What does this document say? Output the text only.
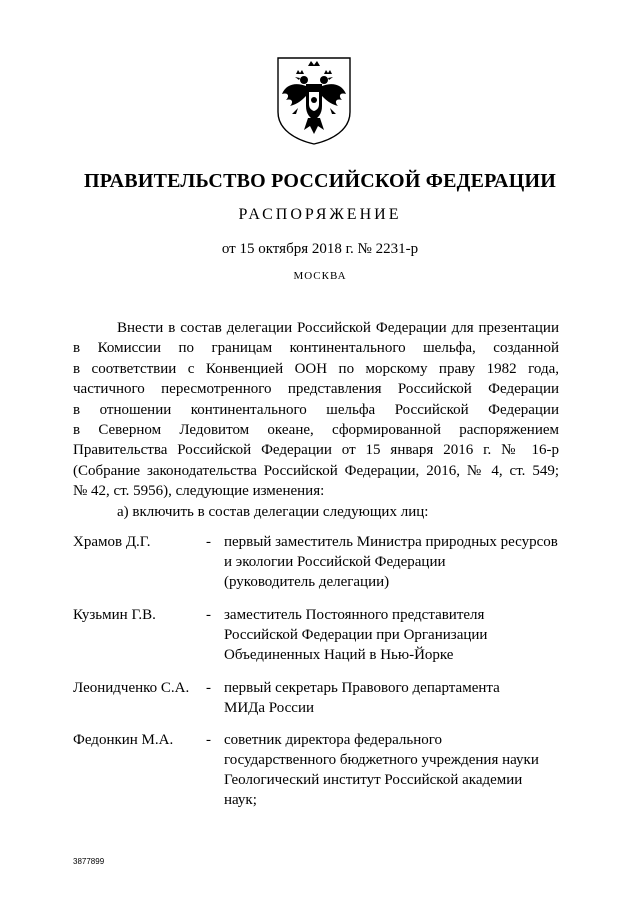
ПРАВИТЕЛЬСТВО РОССИЙСКОЙ ФЕДЕРАЦИИ
РАСПОРЯЖЕНИЕ
от 15 октября 2018 г. № 2231-р
МОСКВА
Внести в состав делегации Российской Федерации для презентации
в Комиссии по границам континентального шельфа, созданной
в соответствии с Конвенцией ООН по морскому праву 1982 года,
частичного пересмотренного представления Российской Федерации
в отношении континентального шельфа Российской Федерации
в Северном Ледовитом океане, сформированной распоряжением
Правительства Российской Федерации от 15 января 2016 г. № 16-р
(Собрание законодательства Российской Федерации, 2016, № 4, ст. 549;
№ 42, ст. 5956), следующие изменения:
а) включить в состав делегации следующих лиц:
Храмов Д.Г.	- первый заместитель Министра природных ресурсов
и экологии Российской Федерации
(руководитель делегации)
Кузьмин Г.В.	- заместитель Постоянного представителя
Российской Федерации при Организации
Объединенных Наций в Нью-Йорке
Леонидченко С.А. - первый секретарь Правового департамента
МИДа России
Федонкин М.А. - советник директора федерального
государственного бюджетного учреждения науки
Геологический институт Российской академии
наук;
3877899
